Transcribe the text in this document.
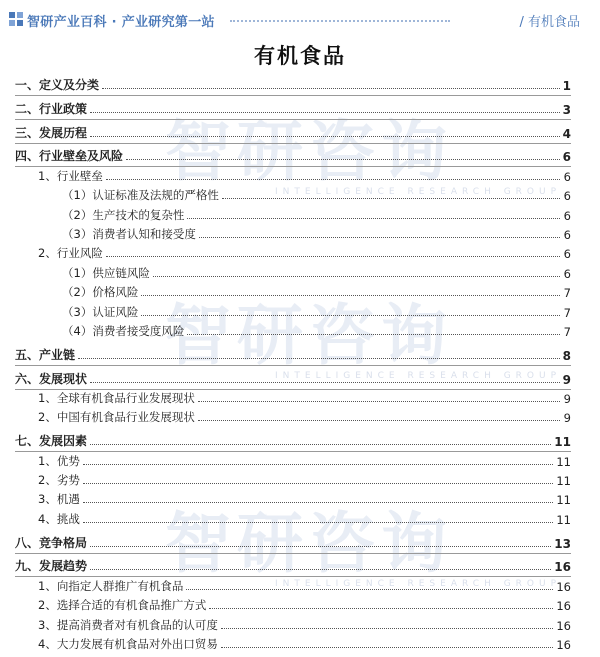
智研产业百科 · 产业研究第一站	/ 有机食品
有机食品
智研咨询
INTELLIGENCE RESEARCH GROUP
智研咨询
INTELLIGENCE RESEARCH GROUP
智研咨询
INTELLIGENCE RESEARCH GROUP
一、定义及分类	1
二、行业政策	3
三、发展历程	4
四、行业壁垒及风险	6
1、行业壁垒	6
（1）认证标准及法规的严格性	6
（2）生产技术的复杂性	6
（3）消费者认知和接受度	6
2、行业风险	6
（1）供应链风险	6
（2）价格风险	7
（3）认证风险	7
（4）消费者接受度风险	7
五、产业链	8
六、发展现状	9
1、全球有机食品行业发展现状	9
2、中国有机食品行业发展现状	9
七、发展因素	11
1、优势	11
2、劣势	11
3、机遇	11
4、挑战	11
八、竞争格局	13
九、发展趋势	16
1、向指定人群推广有机食品	16
2、选择合适的有机食品推广方式	16
3、提高消费者对有机食品的认可度	16
4、大力发展有机食品对外出口贸易	16
